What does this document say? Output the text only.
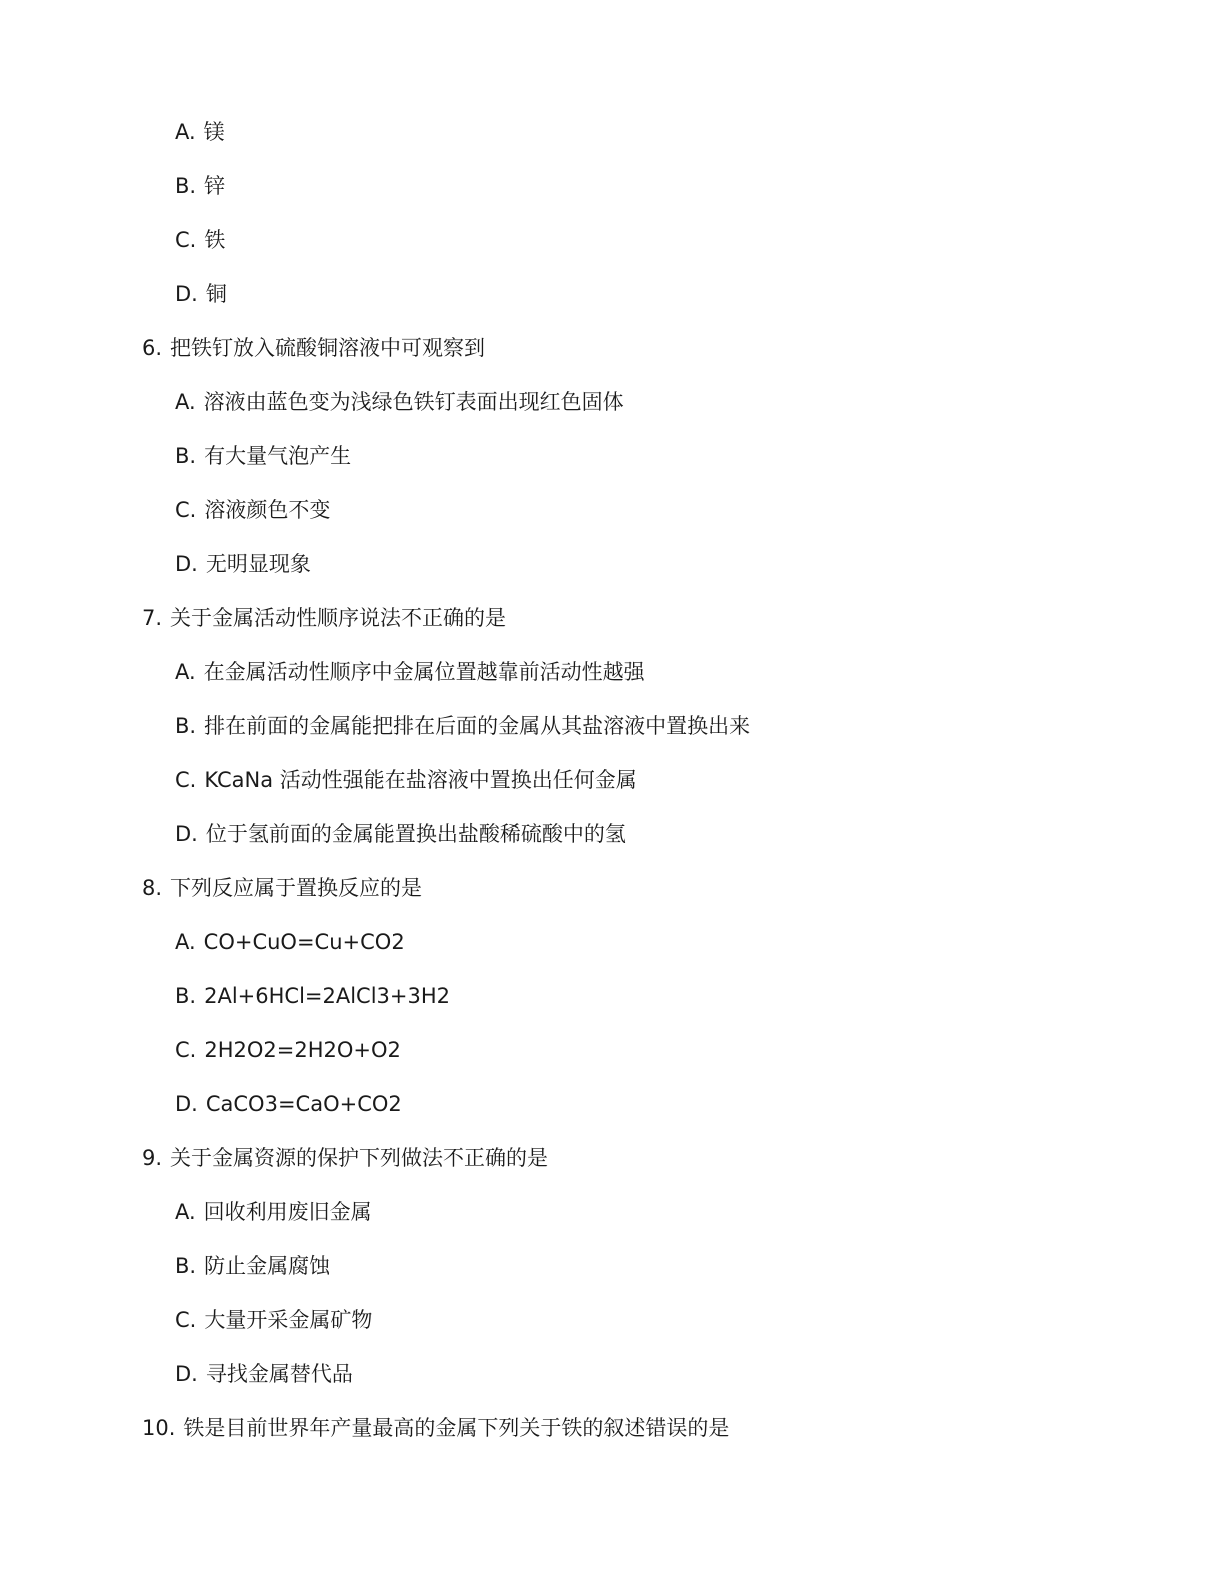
A. 镁
B. 锌
C. 铁
D. 铜
6. 把铁钉放入硫酸铜溶液中可观察到
A. 溶液由蓝色变为浅绿色铁钉表面出现红色固体
B. 有大量气泡产生
C. 溶液颜色不变
D. 无明显现象
7. 关于金属活动性顺序说法不正确的是
A. 在金属活动性顺序中金属位置越靠前活动性越强
B. 排在前面的金属能把排在后面的金属从其盐溶液中置换出来
C. KCaNa 活动性强能在盐溶液中置换出任何金属
D. 位于氢前面的金属能置换出盐酸稀硫酸中的氢
8. 下列反应属于置换反应的是
A. CO+CuO=Cu+CO2
B. 2Al+6HCl=2AlCl3+3H2
C. 2H2O2=2H2O+O2
D. CaCO3=CaO+CO2
9. 关于金属资源的保护下列做法不正确的是
A. 回收利用废旧金属
B. 防止金属腐蚀
C. 大量开采金属矿物
D. 寻找金属替代品
10. 铁是目前世界年产量最高的金属下列关于铁的叙述错误的是
